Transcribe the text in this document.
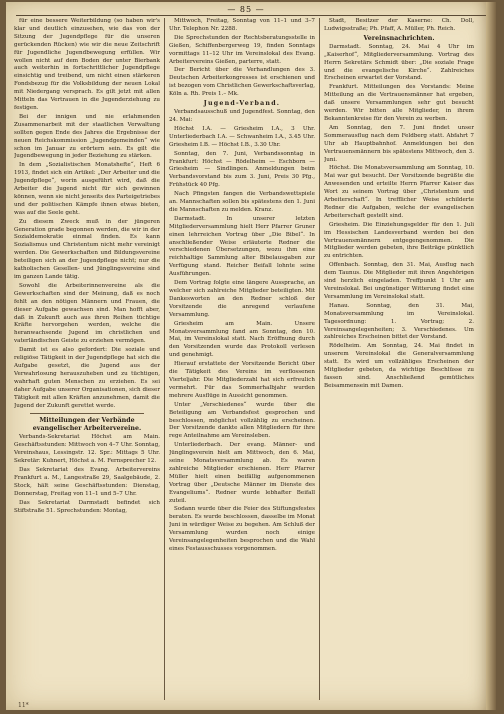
— 85 —

für eine bessere Weiterbildung (so haben wir's klar und deutlich einzusehen, wie das von der Sitzung der Jugendpflege für die unseren gerückenden Rücken) wie wir die neue Zeitschrift für Jugendliche Jugendbewegung erfüllen. Wir wollen nicht auf dem Boden der unter Bierbank auch weiterhin in fortschrittlicher Jugendpflege einsichtig und treibend, um nicht einen stärkeren Fondsbezug für die Volksbildung der neuen Lokal mit Niedergang versprach. Es gilt jetzt mit allen Mitteln das Vertrauen in die Jugenderziehung zu festigen.

Bei der innigen und nie erlahmenden Zusammenarbeit mit der staatlichen Verwaltung sollten gegen Ende des Jahres die Ergebnisse der neuen Reichskommission „Jugendgemeinden“ wie schon im Januar zu erörtern sein. Es gilt die Jugendbewegung in jeder Beziehung zu stärken.

In dem „Sozialistischen Monatshefte“, Heft 6 1913, findet sich ein Artikel: „Der Arbeiter und die Jugendpflege“, worin ausgeführt wird, daß die Arbeiter die Jugend nicht für sich gewinnen können, wenn sie nicht jenseits des Parteigetriebes und der politischen Kämpfe ihnen etwas bieten, was auf die Seele geht.

Zu diesem Zweck muß in der jüngeren Generation grade begonnen werden, die wir in der Sozialdemokratie einmal finden. Es kann Sozialismus und Christentum nicht mehr vereinigt werden. Die Gewerkschaften und Bildungsvereine beteiligen sich an der Jugendpflege nicht; nur die katholischen Gesellen- und Jünglingsvereine sind im ganzen Lande tätig.

Sowohl die Arbeiterinnenvereine als die Gewerkschaften sind der Meinung, daß es noch fehlt an den nötigen Männern und Frauen, die dieser Aufgabe gewachsen sind. Man hofft aber, daß in Zukunft auch aus ihren Reihen tüchtige Kräfte hervorgehen werden, welche die heranwachsende Jugend im christlichen und vaterländischen Geiste zu erziehen vermögen.

Damit ist es also gefordert: Die soziale und religiöse Tätigkeit in der Jugendpflege hat sich die Aufgabe gesetzt, die Jugend aus der Verwahrlosung herauszuheben und zu tüchtigen, wahrhaft guten Menschen zu erziehen. Es sei daher Aufgabe unserer Organisationen, sich dieser Tätigkeit mit allen Kräften anzunehmen, damit die Jugend der Zukunft gerettet werde.

Mitteilungen der Verbände evangelischer Arbeitervereine.

Verbands-Sekretariat Höchst am Main. Geschäftsstunden: Mittwoch von 4–7 Uhr. Sonntag, Vereinshaus, Lessingstr. 12. Spr.: Mittags 5 Uhr. Sekretär: Kuhnert, Höchst a. M. Fernsprecher 12.

Das Sekretariat des Evang. Arbeitervereins Frankfurt a. M., Langestraße 29, Saalgebäude, 2. Stock, hält seine Geschäftsstunden: Dienstag, Donnerstag, Freitag von 11–1 und 5–7 Uhr.

Das Sekretariat Darmstadt befindet sich Stiftstraße 51. Sprechstunden: Montag,

Mittwoch, Freitag, Sonntag von 11–1 und 3–7 Uhr. Telephon Nr. 2288.

Die Sprechstunden der Rechtsberatungsstelle in Gießen, Schiffenbergerweg 19, finden Sonntags vormittags 11–12 Uhr im Vereinslokal des Evang. Arbeitervereins Gießen, parterre, statt.

Der Bericht über die Verhandlungen des 3. Deutschen Arbeiterkongresses ist erschienen und ist bezogen vom Christlichen Gewerkschaftsverlag, Köln a. Rh. Preis 1.– Mk.

Jugend-Verband.

Verbandsausschuß und Jugendfest. Sonntag, den 24. Mai:

Höchst I.A. — Griesheim I.A., 3 Uhr. Unterliederbach I.A. — Schwanheim I.A., 3.45 Uhr. Griesheim I.B. — Höchst I.B., 3.30 Uhr.

Sonntag, den 7. Juni, Verbandssonntag in Frankfurt: Höchst — Rödelheim — Eschborn — Griesheim — Sindlingen. Anmeldungen beim Verbandsvorstand bis zum 3. Juni, Preis 30 Pfg., Frühstück 40 Pfg.

Nach Pfingsten fangen die Verbandswettspiele an. Mannschaften sollen bis spätestens den 1. Juni die Mannschaften zu melden. Kranz.

Darmstadt. In unserer letzten Mitgliederversammlung hielt Herr Pfarrer Gruner einen lehrreichen Vortrag über „Die Bibel“. In anschließender Weise erläuterte Redner die verschiedenen Übersetzungen, wozu ihm eine reichhaltige Sammlung alter Bibelausgaben zur Verfügung stand. Reicher Beifall lohnte seine Ausführungen.

Dem Vortrag folgte eine längere Aussprache, an welcher sich zahlreiche Mitglieder beteiligten. Mit Dankesworten an den Redner schloß der Vorsitzende die anregend verlaufene Versammlung.

Griesheim am Main. Unsere Monatsversammlung fand am Sonntag, den 10. Mai, im Vereinslokal statt. Nach Eröffnung durch den Vorsitzenden wurde das Protokoll verlesen und genehmigt.

Hierauf erstattete der Vorsitzende Bericht über die Tätigkeit des Vereins im verflossenen Vierteljahr. Die Mitgliederzahl hat sich erfreulich vermehrt. Für das Sommerhalbjahr wurden mehrere Ausflüge in Aussicht genommen.

Unter „Verschiedenes“ wurde über die Beteiligung am Verbandsfest gesprochen und beschlossen, möglichst vollzählig zu erscheinen. Der Vorsitzende dankte allen Mitgliedern für ihre rege Anteilnahme am Vereinsleben.

Unterliederbach. Der evang. Männer- und Jünglingsverein hielt am Mittwoch, den 6. Mai, seine Monatsversammlung ab. Es waren zahlreiche Mitglieder erschienen. Herr Pfarrer Müller hielt einen beifällig aufgenommenen Vortrag über „Deutsche Männer im Dienste des Evangeliums“. Redner wurde lebhafter Beifall zuteil.

Sodann wurde über die Feier des Stiftungsfestes beraten. Es wurde beschlossen, dasselbe im Monat Juni in würdiger Weise zu begehen. Am Schluß der Versammlung wurden noch einige Vereinsangelegenheiten besprochen und die Wahl eines Festausschusses vorgenommen.

Stadt, Besitzer der Kaserne: Ch. Doll, Ludwigsstraße; Ph. Pfaff, A. Müller, Ph. Reich.

Vereinsnachrichten.

Darmstadt. Sonntag, 24. Mai 4 Uhr im „Kaiserhof“, Mitgliederversammlung. Vortrag des Herrn Sekretärs Schmidt über: „Die soziale Frage und die evangelische Kirche“. Zahlreiches Erscheinen erwartet der Vorstand.

Frankfurt. Mitteilungen des Vorstands: Meine Mitteilung an die Vertrauensmänner hat ergeben, daß unsere Versammlungen sehr gut besucht werden. Wir bitten alle Mitglieder, in ihrem Bekanntenkreise für den Verein zu werben.

Am Sonntag, den 7. Juni findet unser Sommerausflug nach dem Feldberg statt. Abfahrt 7 Uhr ab Hauptbahnhof. Anmeldungen bei den Vertrauensmännern bis spätestens Mittwoch, den 3. Juni.

Höchst. Die Monatsversammlung am Sonntag, 10. Mai war gut besucht. Der Vorsitzende begrüßte die Anwesenden und erteilte Herrn Pfarrer Kaiser das Wort zu seinem Vortrag über „Christentum und Arbeiterschaft“. In trefflicher Weise schilderte Redner die Aufgaben, welche der evangelischen Arbeiterschaft gestellt sind.

Griesheim. Die Einziehungsgelder für den 1. Juli im Hessischen Landesverband werden bei den Vertrauensmännern entgegengenommen. Die Mitglieder werden gebeten, ihre Beiträge pünktlich zu entrichten.

Offenbach. Sonntag, den 31. Mai, Ausflug nach dem Taunus. Die Mitglieder mit ihren Angehörigen sind herzlich eingeladen. Treffpunkt 1 Uhr am Vereinslokal. Bei ungünstiger Witterung findet eine Versammlung im Vereinslokal statt.

Hanau. Sonntag, den 31. Mai, Monatsversammlung im Vereinslokal. Tagesordnung: 1. Vortrag; 2. Vereinsangelegenheiten; 3. Verschiedenes. Um zahlreiches Erscheinen bittet der Vorstand.

Rödelheim. Am Sonntag, 24. Mai findet in unserem Vereinslokal die Generalversammlung statt. Es wird um vollzähliges Erscheinen der Mitglieder gebeten, da wichtige Beschlüsse zu fassen sind. Anschließend gemütliches Beisammensein mit Damen.

11*
